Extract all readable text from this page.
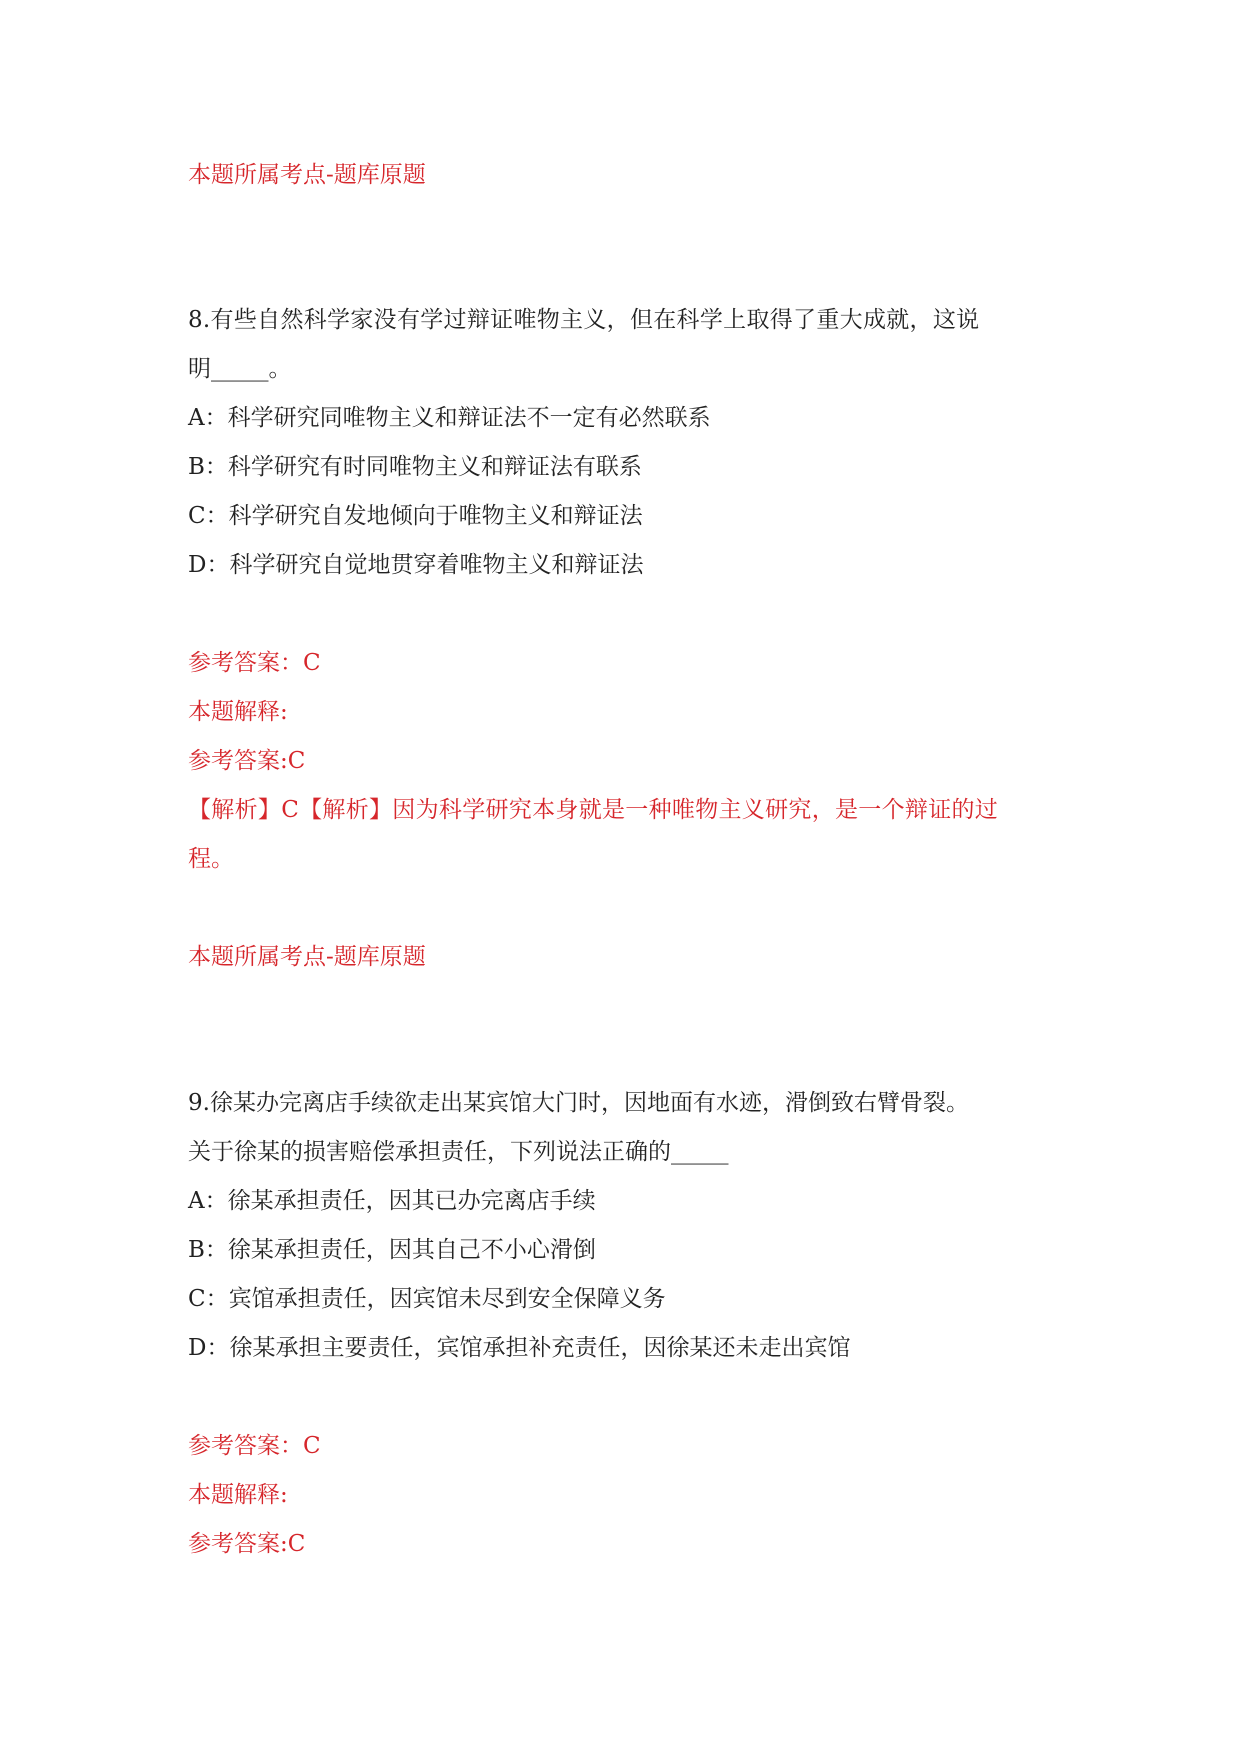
本题所属考点-题库原题
8.有些自然科学家没有学过辩证唯物主义，但在科学上取得了重大成就，这说
明_____。
A：科学研究同唯物主义和辩证法不一定有必然联系
B：科学研究有时同唯物主义和辩证法有联系
C：科学研究自发地倾向于唯物主义和辩证法
D：科学研究自觉地贯穿着唯物主义和辩证法
参考答案：C
本题解释:
参考答案:C
【解析】C【解析】因为科学研究本身就是一种唯物主义研究，是一个辩证的过
程。
本题所属考点-题库原题
9.徐某办完离店手续欲走出某宾馆大门时，因地面有水迹，滑倒致右臂骨裂。
关于徐某的损害赔偿承担责任，下列说法正确的_____
A：徐某承担责任，因其已办完离店手续
B：徐某承担责任，因其自己不小心滑倒
C：宾馆承担责任，因宾馆未尽到安全保障义务
D：徐某承担主要责任，宾馆承担补充责任，因徐某还未走出宾馆
参考答案：C
本题解释:
参考答案:C
